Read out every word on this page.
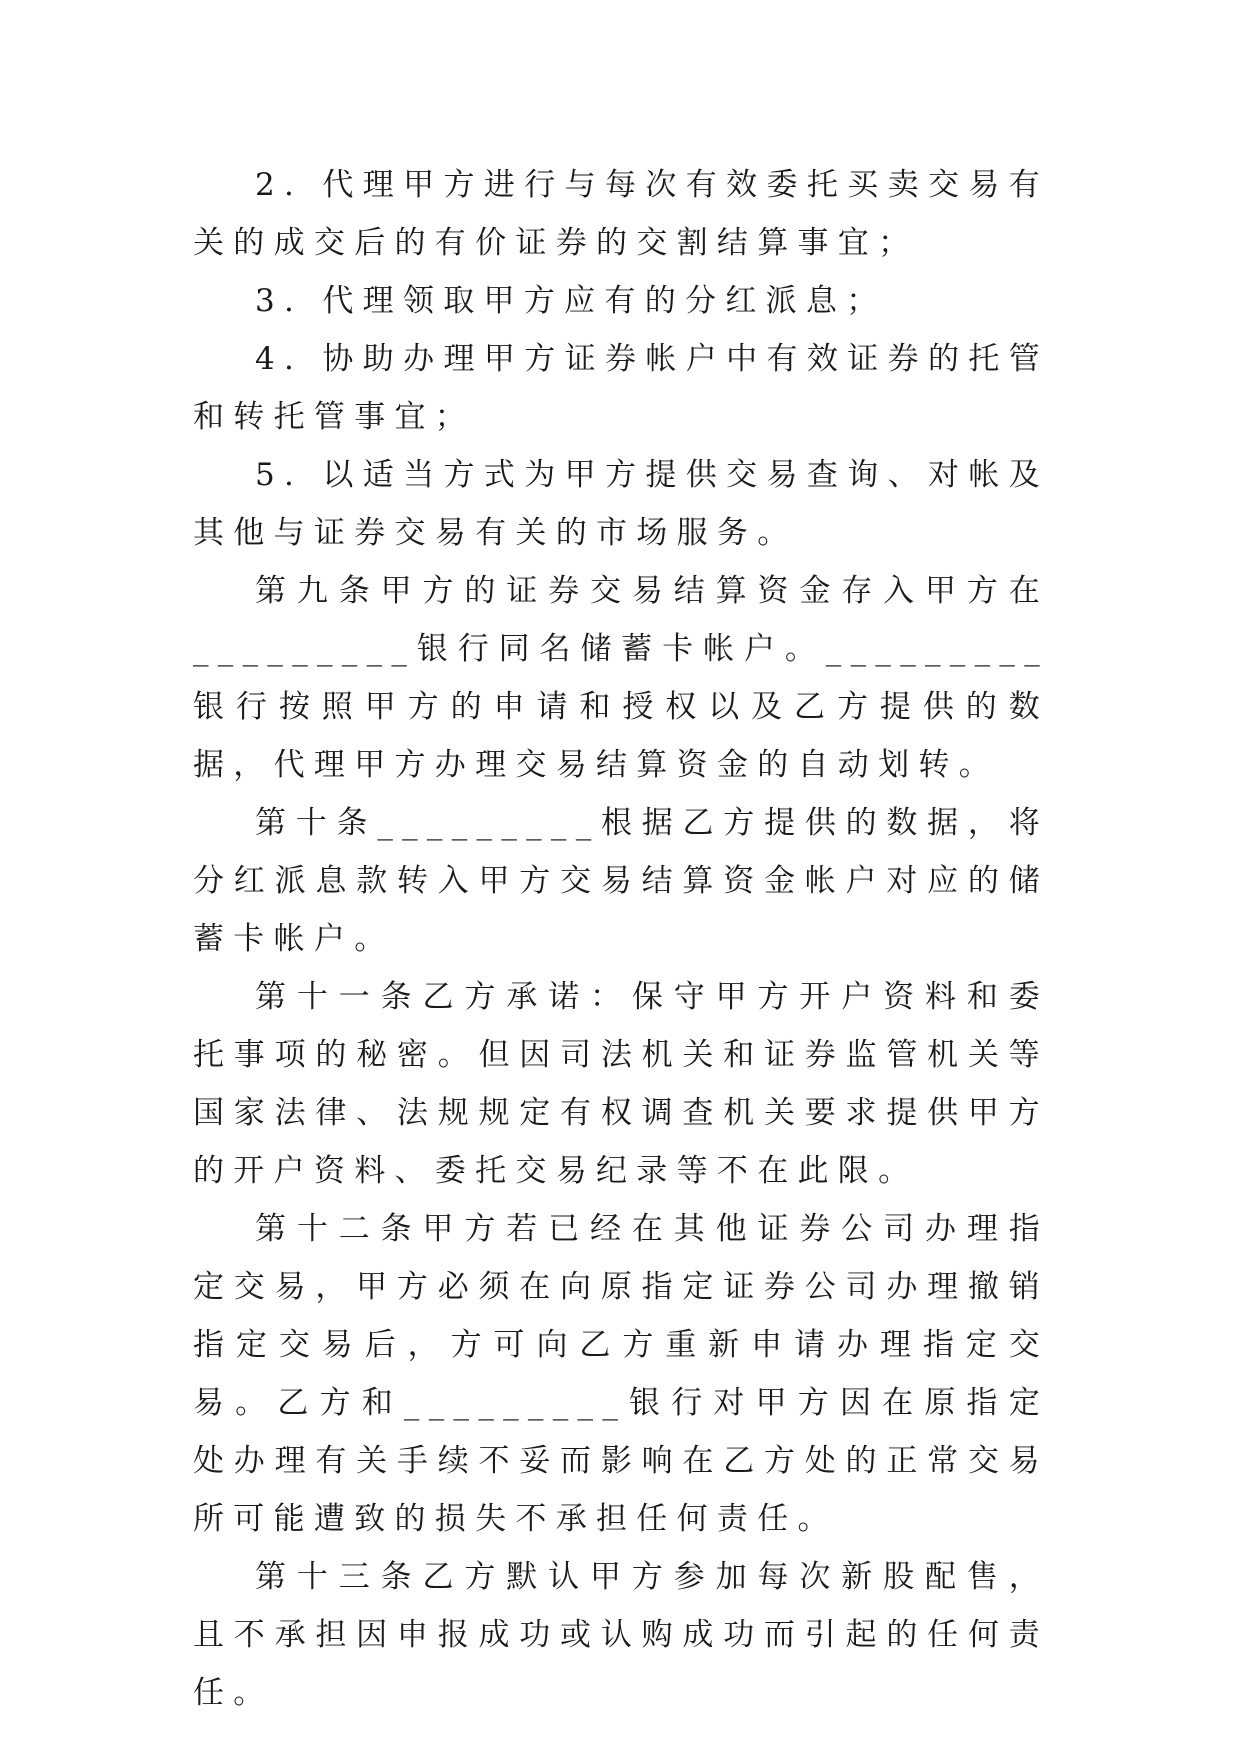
2. 代理甲方进行与每次有效委托买卖交易有关的成交后的有价证券的交割结算事宜；

3. 代理领取甲方应有的分红派息；

4. 协助办理甲方证券帐户中有效证券的托管和转托管事宜；

5. 以适当方式为甲方提供交易查询、对帐及其他与证券交易有关的市场服务。

第九条甲方的证券交易结算资金存入甲方在_________银行同名储蓄卡帐户。_________银行按照甲方的申请和授权以及乙方提供的数据，代理甲方办理交易结算资金的自动划转。

第十条_________根据乙方提供的数据，将分红派息款转入甲方交易结算资金帐户对应的储蓄卡帐户。

第十一条乙方承诺：保守甲方开户资料和委托事项的秘密。但因司法机关和证券监管机关等国家法律、法规规定有权调查机关要求提供甲方的开户资料、委托交易纪录等不在此限。

第十二条甲方若已经在其他证券公司办理指定交易，甲方必须在向原指定证券公司办理撤销指定交易后，方可向乙方重新申请办理指定交易。乙方和_________银行对甲方因在原指定处办理有关手续不妥而影响在乙方处的正常交易所可能遭致的损失不承担任何责任。

第十三条乙方默认甲方参加每次新股配售，且不承担因申报成功或认购成功而引起的任何责任。
